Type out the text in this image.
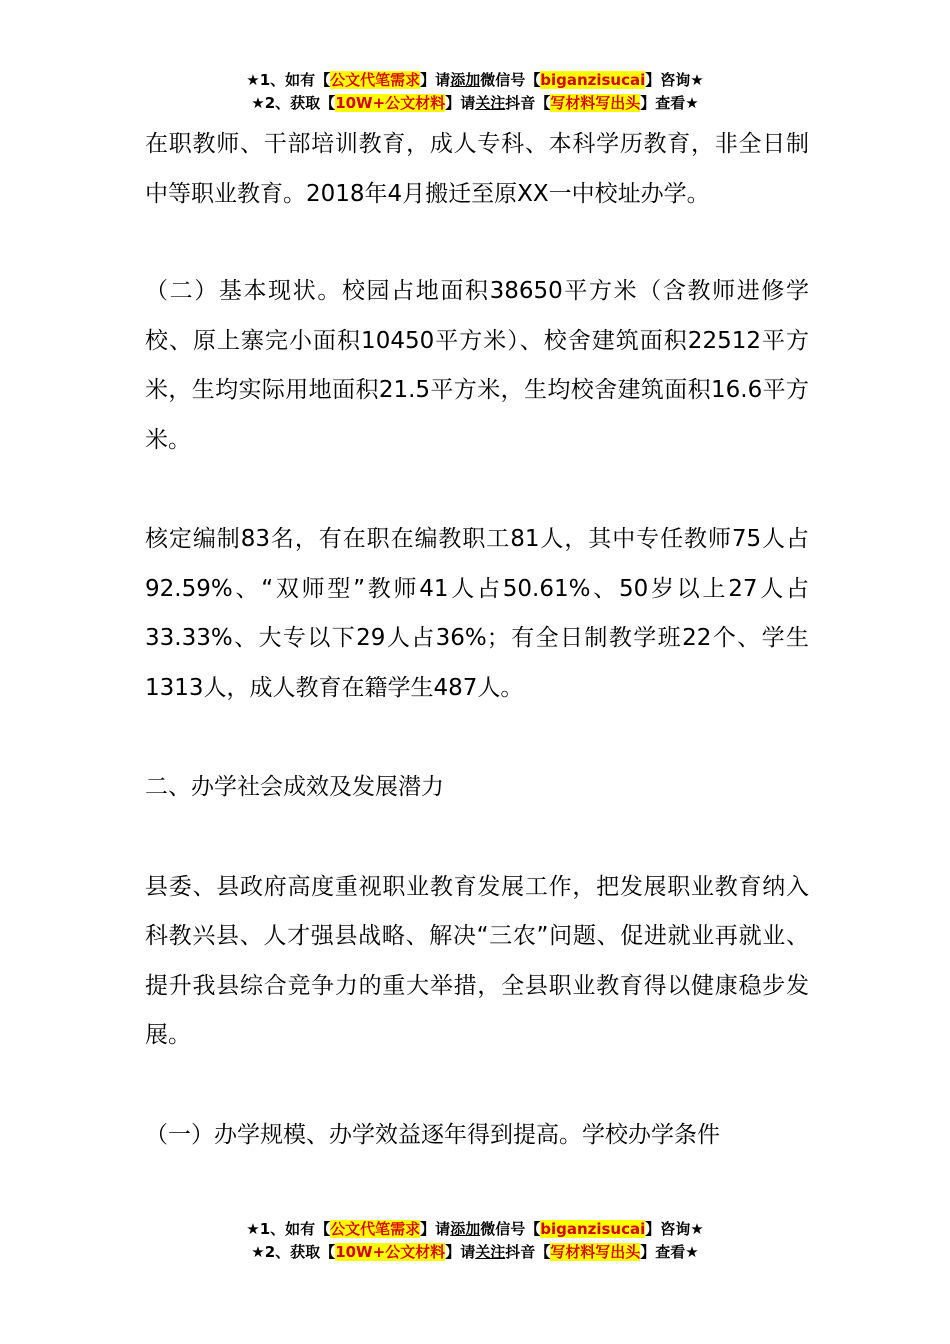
★1、如有【公文代笔需求】请添加微信号【biganzisucai】咨询★
★2、获取【10W+公文材料】请关注抖音【写材料写出头】查看★

在职教师、干部培训教育，成人专科、本科学历教育，非全日制中等职业教育。2018年4月搬迁至原XX一中校址办学。

（二）基本现状。校园占地面积38650平方米（含教师进修学校、原上寨完小面积10450平方米）、校舍建筑面积22512平方米，生均实际用地面积21.5平方米，生均校舍建筑面积16.6平方米。

核定编制83名，有在职在编教职工81人，其中专任教师75人占92.59%、“双师型”教师41人占50.61%、50岁以上27人占33.33%、大专以下29人占36%；有全日制教学班22个、学生1313人，成人教育在籍学生487人。

二、办学社会成效及发展潜力

县委、县政府高度重视职业教育发展工作，把发展职业教育纳入科教兴县、人才强县战略、解决“三农”问题、促进就业再就业、提升我县综合竞争力的重大举措，全县职业教育得以健康稳步发展。

（一）办学规模、办学效益逐年得到提高。学校办学条件

★1、如有【公文代笔需求】请添加微信号【biganzisucai】咨询★
★2、获取【10W+公文材料】请关注抖音【写材料写出头】查看★
